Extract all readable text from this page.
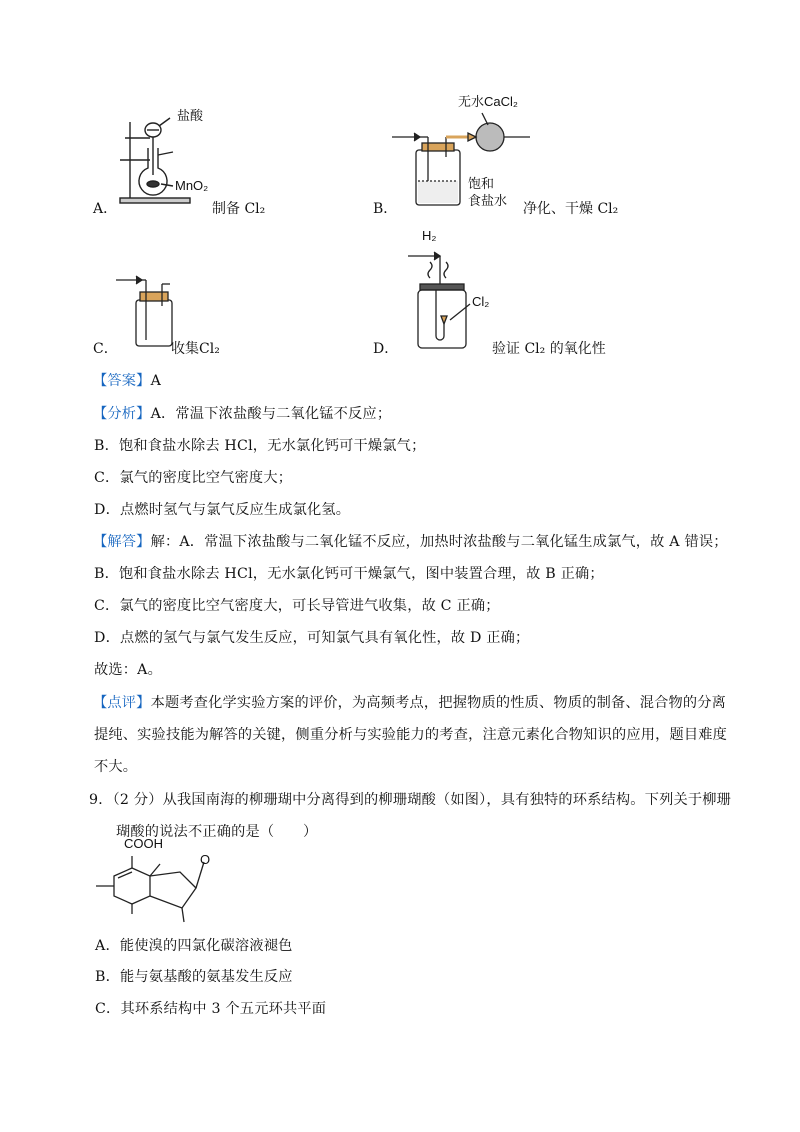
盐酸
MnO₂
A．	制备 Cl₂
无水CaCl₂
饱和
食盐水
B．	净化、干燥 Cl₂
C．	收集Cl₂
H₂
Cl₂
D．	验证 Cl₂ 的氧化性
【答案】A
【分析】A．常温下浓盐酸与二氧化锰不反应；
B．饱和食盐水除去 HCl，无水氯化钙可干燥氯气；
C．氯气的密度比空气密度大；
D．点燃时氢气与氯气反应生成氯化氢。
【解答】解：A．常温下浓盐酸与二氧化锰不反应，加热时浓盐酸与二氧化锰生成氯气，故 A 错误；
B．饱和食盐水除去 HCl，无水氯化钙可干燥氯气，图中装置合理，故 B 正确；
C．氯气的密度比空气密度大，可长导管进气收集，故 C 正确；
D．点燃的氢气与氯气发生反应，可知氯气具有氧化性，故 D 正确；
故选：A。
【点评】本题考查化学实验方案的评价，为高频考点，把握物质的性质、物质的制备、混合物的分离
提纯、实验技能为解答的关键，侧重分析与实验能力的考查，注意元素化合物知识的应用，题目难度
不大。
9．（2 分）从我国南海的柳珊瑚中分离得到的柳珊瑚酸（如图），具有独特的环系结构。下列关于柳珊
瑚酸的说法不正确的是（　　）
COOH
O
A．能使溴的四氯化碳溶液褪色
B．能与氨基酸的氨基发生反应
C．其环系结构中 3 个五元环共平面
